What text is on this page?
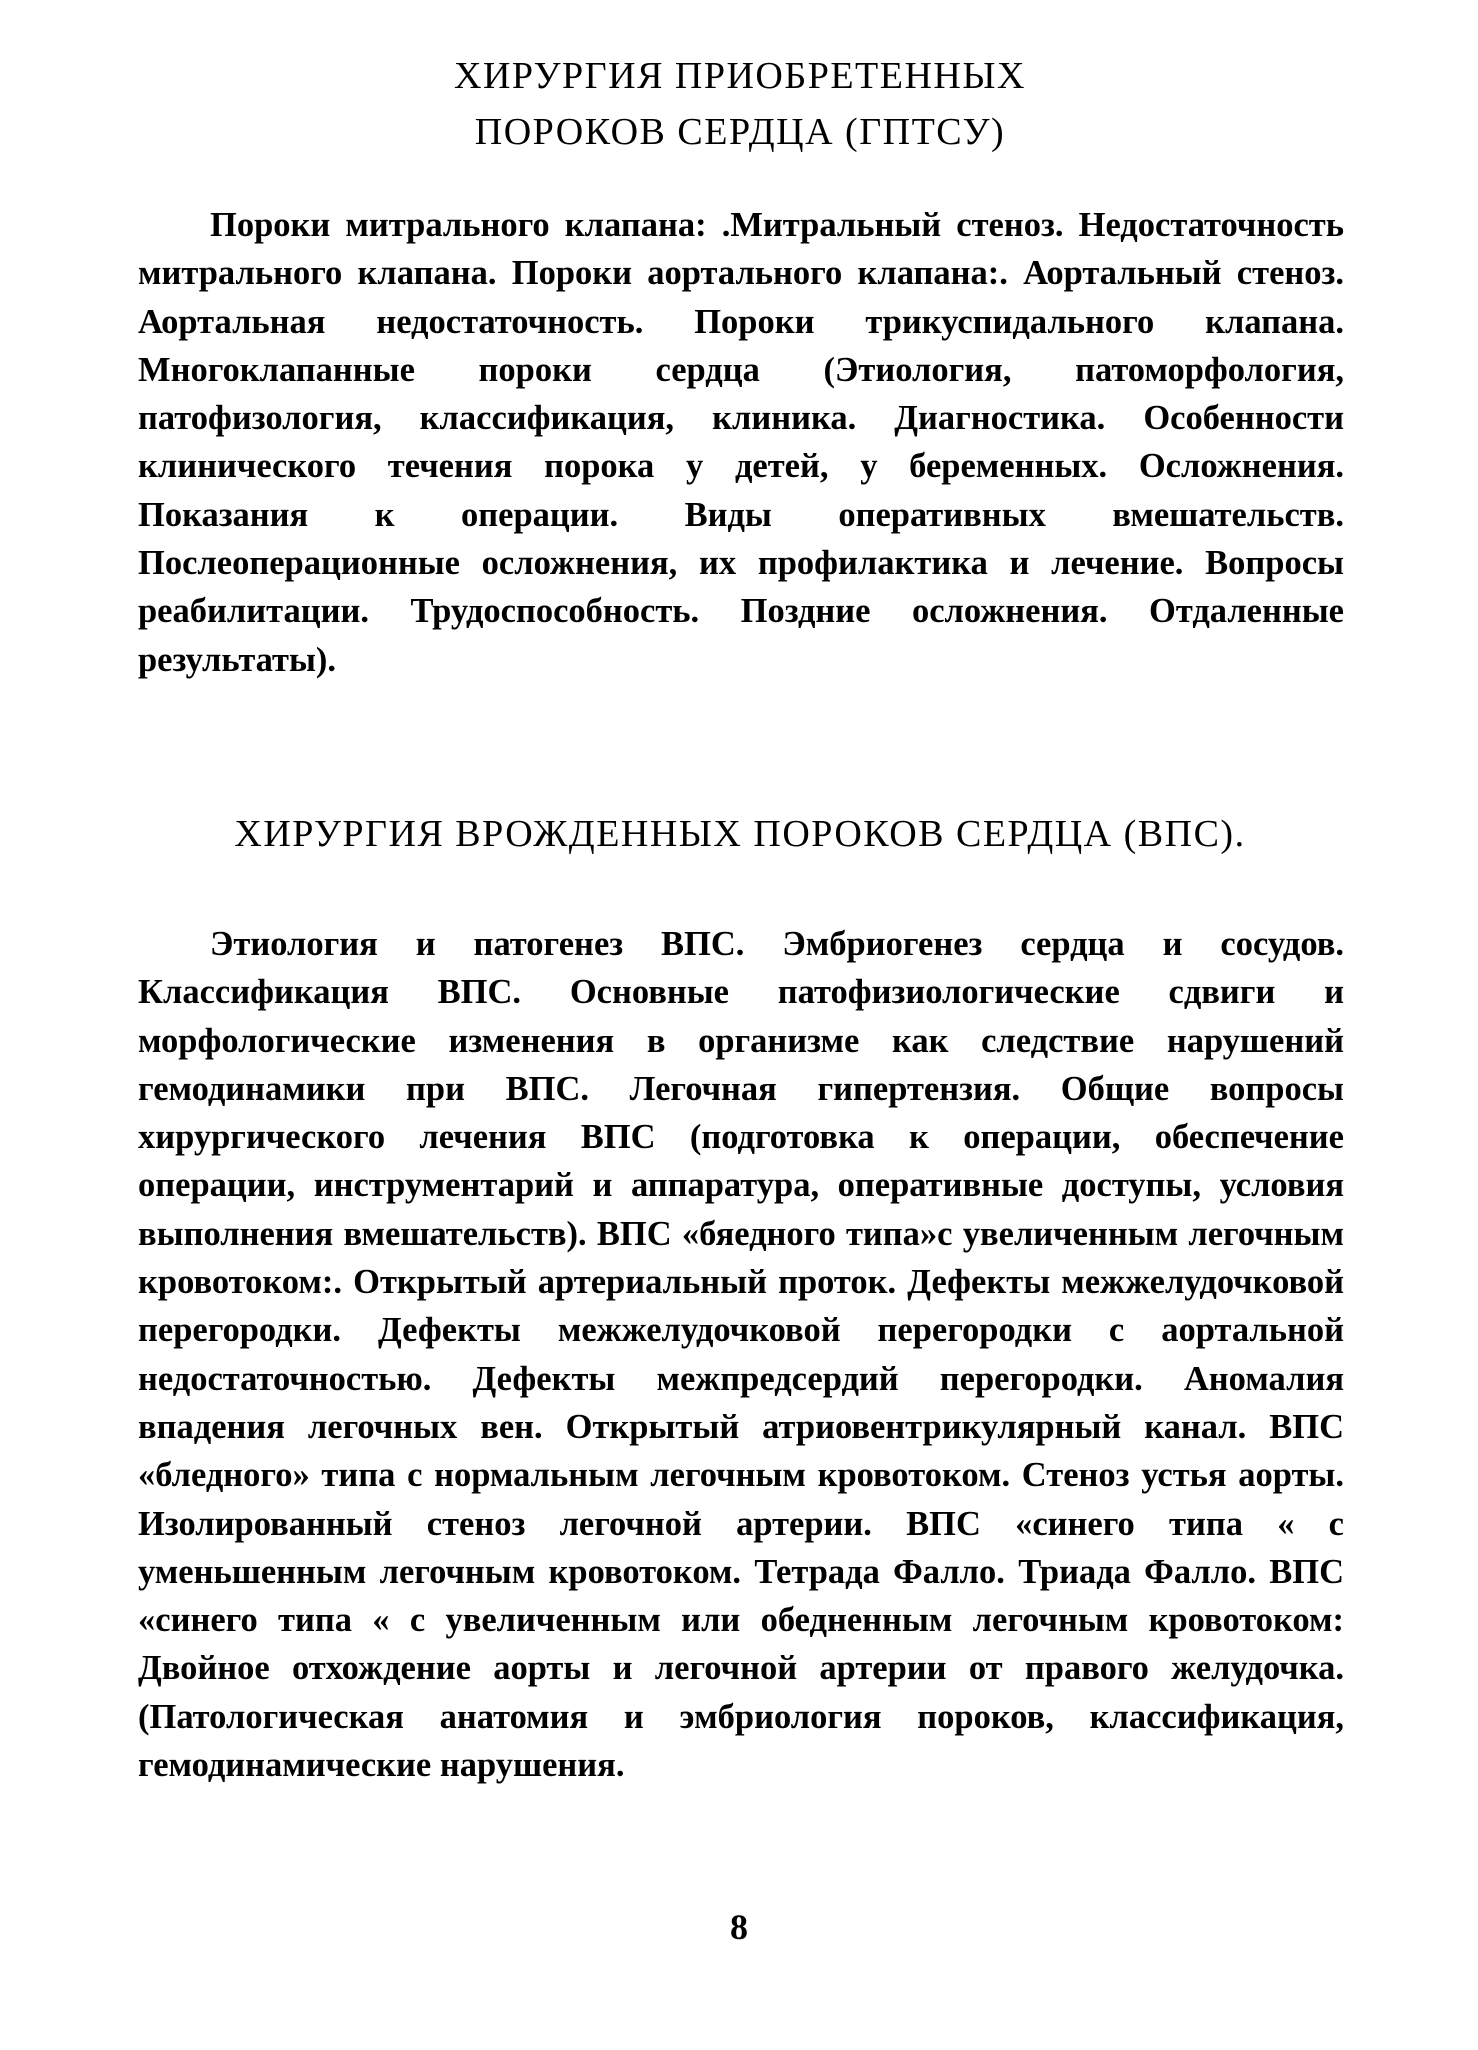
ХИРУРГИЯ ПРИОБРЕТЕННЫХ
ПОРОКОВ СЕРДЦА (ГПТСУ)

Пороки митрального клапана: .Митральный стеноз. Недостаточность митрального клапана. Пороки аортального клапана:. Аортальный стеноз. Аортальная недостаточность. Пороки трикуспидального клапана. Многоклапанные пороки сердца (Этиология, патоморфология, патофизология, классификация, клиника. Диагностика. Особенности клинического течения порока у детей, у беременных. Осложнения. Показания к операции. Виды оперативных вмешательств. Послеоперационные осложнения, их профилактика и лечение. Вопросы реабилитации. Трудоспособность. Поздние осложнения. Отдаленные результаты).

ХИРУРГИЯ ВРОЖДЕННЫХ ПОРОКОВ СЕРДЦА (ВПС).

Этиология и патогенез ВПС. Эмбриогенез сердца и сосудов. Классификация ВПС. Основные патофизиологические сдвиги и морфологические изменения в организме как следствие нарушений гемодинамики при ВПС. Легочная гипертензия. Общие вопросы хирургического лечения ВПС (подготовка к операции, обеспечение операции, инструментарий и аппаратура, оперативные доступы, условия выполнения вмешательств). ВПС «бяедного типа»с увеличенным легочным кровотоком:. Открытый артериальный проток. Дефекты межжелудочковой перегородки. Дефекты межжелудочковой перегородки с аортальной недостаточностью. Дефекты межпредсердий перегородки. Аномалия впадения легочных вен. Открытый атриовентрикулярный канал. ВПС «бледного» типа с нормальным легочным кровотоком. Стеноз устья аорты. Изолированный стеноз легочной артерии. ВПС «синего типа « с уменьшенным легочным кровотоком. Тетрада Фалло. Триада Фалло. ВПС «синего типа « с увеличенным или обедненным легочным кровотоком: Двойное отхождение аорты и легочной артерии от правого желудочка. (Патологическая анатомия и эмбриология пороков, классификация, гемодинамические нарушения.

8
